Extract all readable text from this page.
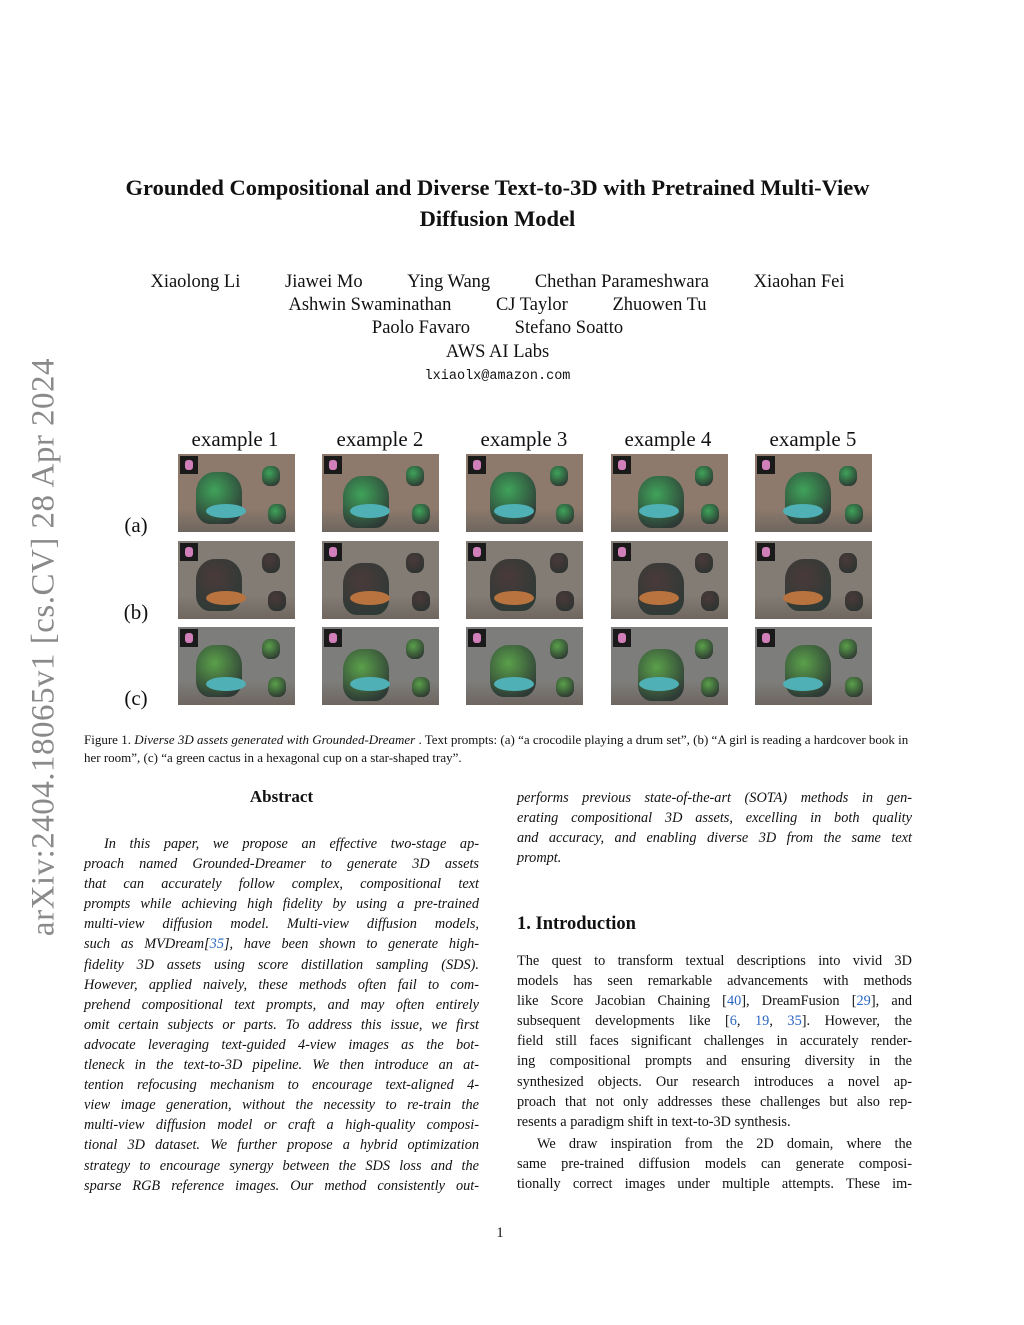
arXiv:2404.18065v1 [cs.CV] 28 Apr 2024
Grounded Compositional and Diverse Text-to-3D with Pretrained Multi-View
Diffusion Model
Xiaolong Li Jiawei Mo Ying Wang Chethan Parameshwara Xiaohan Fei
Ashwin Swaminathan CJ Taylor Zhuowen Tu
Paolo Favaro Stefano Soatto
AWS AI Labs
lxiaolx@amazon.com
example 1	example 2	example 3	example 4	example 5
(a)
(b)
(c)
Figure 1. Diverse 3D assets generated with Grounded-Dreamer . Text prompts: (a) “a crocodile playing a drum set”, (b) “A girl is reading a hardcover book in her room”, (c) “a green cactus in a hexagonal cup on a star-shaped tray”.
Abstract
In this paper, we propose an effective two-stage ap-
proach named Grounded-Dreamer to generate 3D assets
that can accurately follow complex, compositional text
prompts while achieving high fidelity by using a pre-trained
multi-view diffusion model. Multi-view diffusion models,
such as MVDream[35], have been shown to generate high-
fidelity 3D assets using score distillation sampling (SDS).
However, applied naively, these methods often fail to com-
prehend compositional text prompts, and may often entirely
omit certain subjects or parts. To address this issue, we first
advocate leveraging text-guided 4-view images as the bot-
tleneck in the text-to-3D pipeline. We then introduce an at-
tention refocusing mechanism to encourage text-aligned 4-
view image generation, without the necessity to re-train the
multi-view diffusion model or craft a high-quality composi-
tional 3D dataset. We further propose a hybrid optimization
strategy to encourage synergy between the SDS loss and the
sparse RGB reference images. Our method consistently out-
performs previous state-of-the-art (SOTA) methods in gen-
erating compositional 3D assets, excelling in both quality
and accuracy, and enabling diverse 3D from the same text
prompt.
1. Introduction
The quest to transform textual descriptions into vivid 3D
models has seen remarkable advancements with methods
like Score Jacobian Chaining [40], DreamFusion [29], and
subsequent developments like [6, 19, 35]. However, the
field still faces significant challenges in accurately render-
ing compositional prompts and ensuring diversity in the
synthesized objects. Our research introduces a novel ap-
proach that not only addresses these challenges but also rep-
resents a paradigm shift in text-to-3D synthesis.
We draw inspiration from the 2D domain, where the
same pre-trained diffusion models can generate composi-
tionally correct images under multiple attempts. These im-
1
